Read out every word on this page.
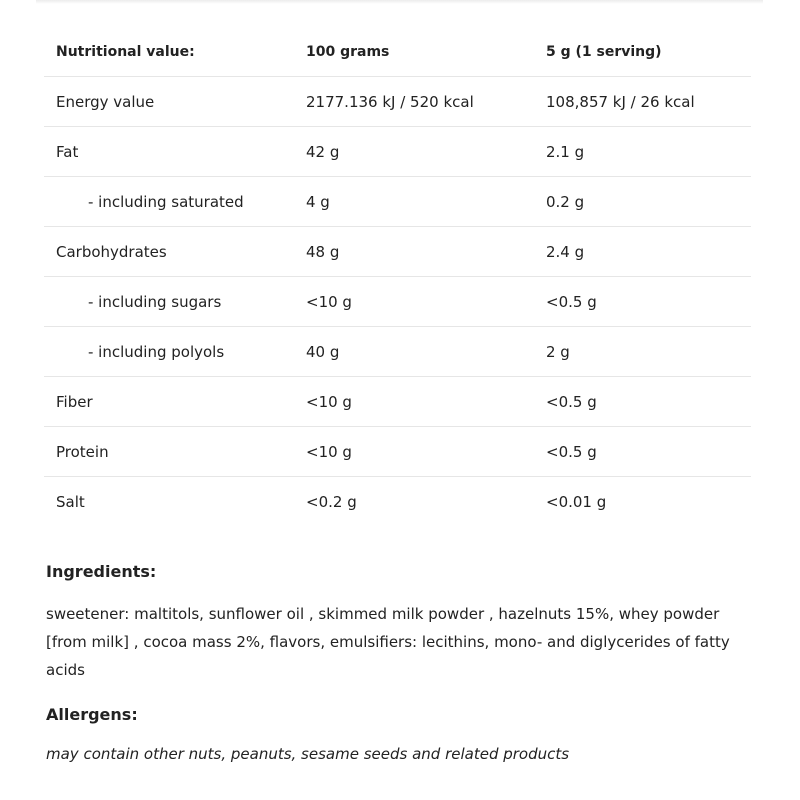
Nutritional value:	100 grams	5 g (1 serving)
Energy value	2177.136 kJ / 520 kcal	108,857 kJ / 26 kcal
Fat	42 g	2.1 g
- including saturated	4 g	0.2 g
Carbohydrates	48 g	2.4 g
- including sugars	<10 g	<0.5 g
- including polyols	40 g	2 g
Fiber	<10 g	<0.5 g
Protein	<10 g	<0.5 g
Salt	<0.2 g	<0.01 g
Ingredients:

sweetener: maltitols, sunflower oil , skimmed milk powder , hazelnuts 15%, whey powder [from milk] , cocoa mass 2%, flavors, emulsifiers: lecithins, mono- and diglycerides of fatty acids

Allergens:

may contain other nuts, peanuts, sesame seeds and related products
